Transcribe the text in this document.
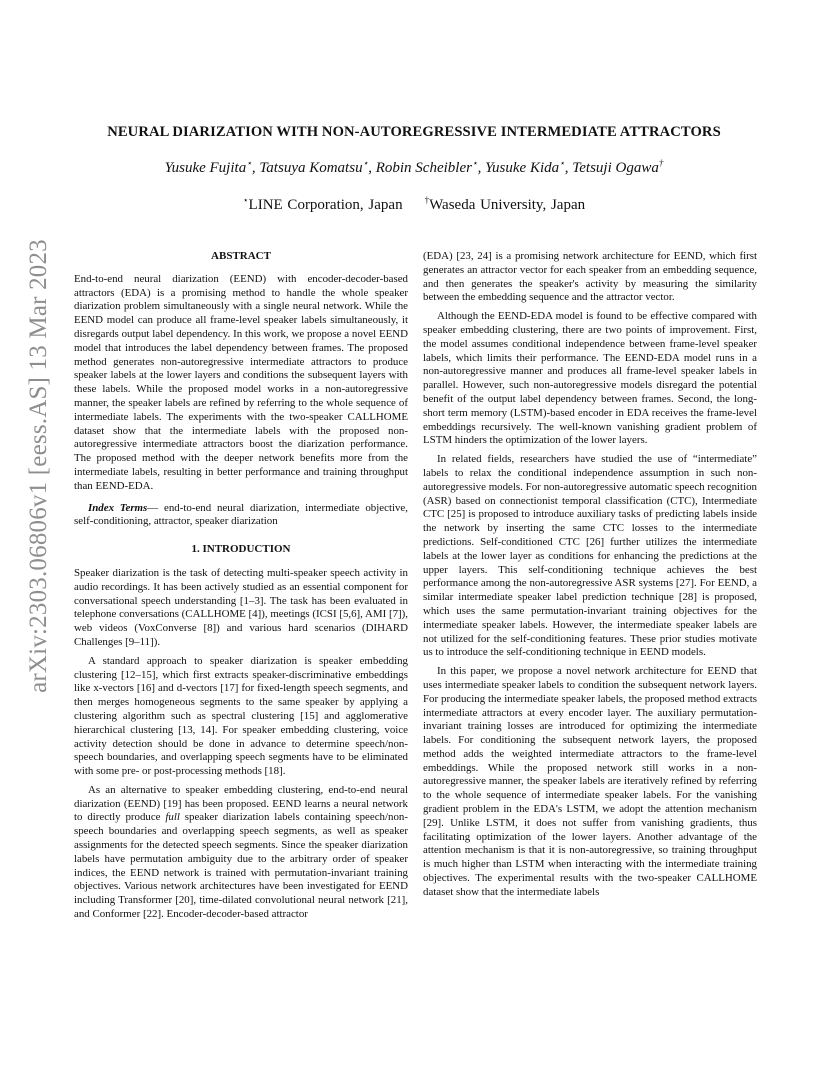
arXiv:2303.06806v1 [eess.AS] 13 Mar 2023
NEURAL DIARIZATION WITH NON-AUTOREGRESSIVE INTERMEDIATE ATTRACTORS
Yusuke Fujita⋆, Tatsuya Komatsu⋆, Robin Scheibler⋆, Yusuke Kida⋆, Tetsuji Ogawa†
⋆LINE Corporation, Japan †Waseda University, Japan
ABSTRACT

End-to-end neural diarization (EEND) with encoder-decoder-based attractors (EDA) is a promising method to handle the whole speaker diarization problem simultaneously with a single neural network. While the EEND model can produce all frame-level speaker labels simultaneously, it disregards output label dependency. In this work, we propose a novel EEND model that introduces the label dependency between frames. The proposed method generates non-autoregressive intermediate attractors to produce speaker labels at the lower layers and conditions the subsequent layers with these labels. While the proposed model works in a non-autoregressive manner, the speaker labels are refined by referring to the whole sequence of intermediate labels. The experiments with the two-speaker CALLHOME dataset show that the intermediate labels with the proposed non-autoregressive intermediate attractors boost the diarization performance. The proposed method with the deeper network benefits more from the intermediate labels, resulting in better performance and training throughput than EEND-EDA.

Index Terms— end-to-end neural diarization, intermediate objective, self-conditioning, attractor, speaker diarization

1. INTRODUCTION

Speaker diarization is the task of detecting multi-speaker speech activity in audio recordings. It has been actively studied as an essential component for conversational speech understanding [1–3]. The task has been evaluated in telephone conversations (CALLHOME [4]), meetings (ICSI [5,6], AMI [7]), web videos (VoxConverse [8]) and various hard scenarios (DIHARD Challenges [9–11]).

A standard approach to speaker diarization is speaker embedding clustering [12–15], which first extracts speaker-discriminative embeddings like x-vectors [16] and d-vectors [17] for fixed-length speech segments, and then merges homogeneous segments to the same speaker by applying a clustering algorithm such as spectral clustering [15] and agglomerative hierarchical clustering [13, 14]. For speaker embedding clustering, voice activity detection should be done in advance to determine speech/non-speech boundaries, and overlapping speech segments have to be eliminated with some pre- or post-processing methods [18].

As an alternative to speaker embedding clustering, end-to-end neural diarization (EEND) [19] has been proposed. EEND learns a neural network to directly produce full speaker diarization labels containing speech/non-speech boundaries and overlapping speech segments, as well as speaker assignments for the detected speech segments. Since the speaker diarization labels have permutation ambiguity due to the arbitrary order of speaker indices, the EEND network is trained with permutation-invariant training objectives. Various network architectures have been investigated for EEND including Transformer [20], time-dilated convolutional neural network [21], and Conformer [22]. Encoder-decoder-based attractor

(EDA) [23, 24] is a promising network architecture for EEND, which first generates an attractor vector for each speaker from an embedding sequence, and then generates the speaker's activity by measuring the similarity between the embedding sequence and the attractor vector.

Although the EEND-EDA model is found to be effective compared with speaker embedding clustering, there are two points of improvement. First, the model assumes conditional independence between frame-level speaker labels, which limits their performance. The EEND-EDA model runs in a non-autoregressive manner and produces all frame-level speaker labels in parallel. However, such non-autoregressive models disregard the potential benefit of the output label dependency between frames. Second, the long-short term memory (LSTM)-based encoder in EDA receives the frame-level embeddings recursively. The well-known vanishing gradient problem of LSTM hinders the optimization of the lower layers.

In related fields, researchers have studied the use of “intermediate” labels to relax the conditional independence assumption in such non-autoregressive models. For non-autoregressive automatic speech recognition (ASR) based on connectionist temporal classification (CTC), Intermediate CTC [25] is proposed to introduce auxiliary tasks of predicting labels inside the network by inserting the same CTC losses to the intermediate predictions. Self-conditioned CTC [26] further utilizes the intermediate labels at the lower layer as conditions for enhancing the predictions at the upper layers. This self-conditioning technique achieves the best performance among the non-autoregressive ASR systems [27]. For EEND, a similar intermediate speaker label prediction technique [28] is proposed, which uses the same permutation-invariant training objectives for the intermediate speaker labels. However, the intermediate speaker labels are not utilized for the self-conditioning features. These prior studies motivate us to introduce the self-conditioning technique in EEND models.

In this paper, we propose a novel network architecture for EEND that uses intermediate speaker labels to condition the subsequent network layers. For producing the intermediate speaker labels, the proposed method extracts intermediate attractors at every encoder layer. The auxiliary permutation-invariant training losses are introduced for optimizing the intermediate labels. For conditioning the subsequent network layers, the proposed method adds the weighted intermediate attractors to the frame-level embeddings. While the proposed network still works in a non-autoregressive manner, the speaker labels are iteratively refined by referring to the whole sequence of intermediate speaker labels. For the vanishing gradient problem in the EDA's LSTM, we adopt the attention mechanism [29]. Unlike LSTM, it does not suffer from vanishing gradients, thus facilitating optimization of the lower layers. Another advantage of the attention mechanism is that it is non-autoregressive, so training throughput is much higher than LSTM when interacting with the intermediate training objectives. The experimental results with the two-speaker CALLHOME dataset show that the intermediate labels
